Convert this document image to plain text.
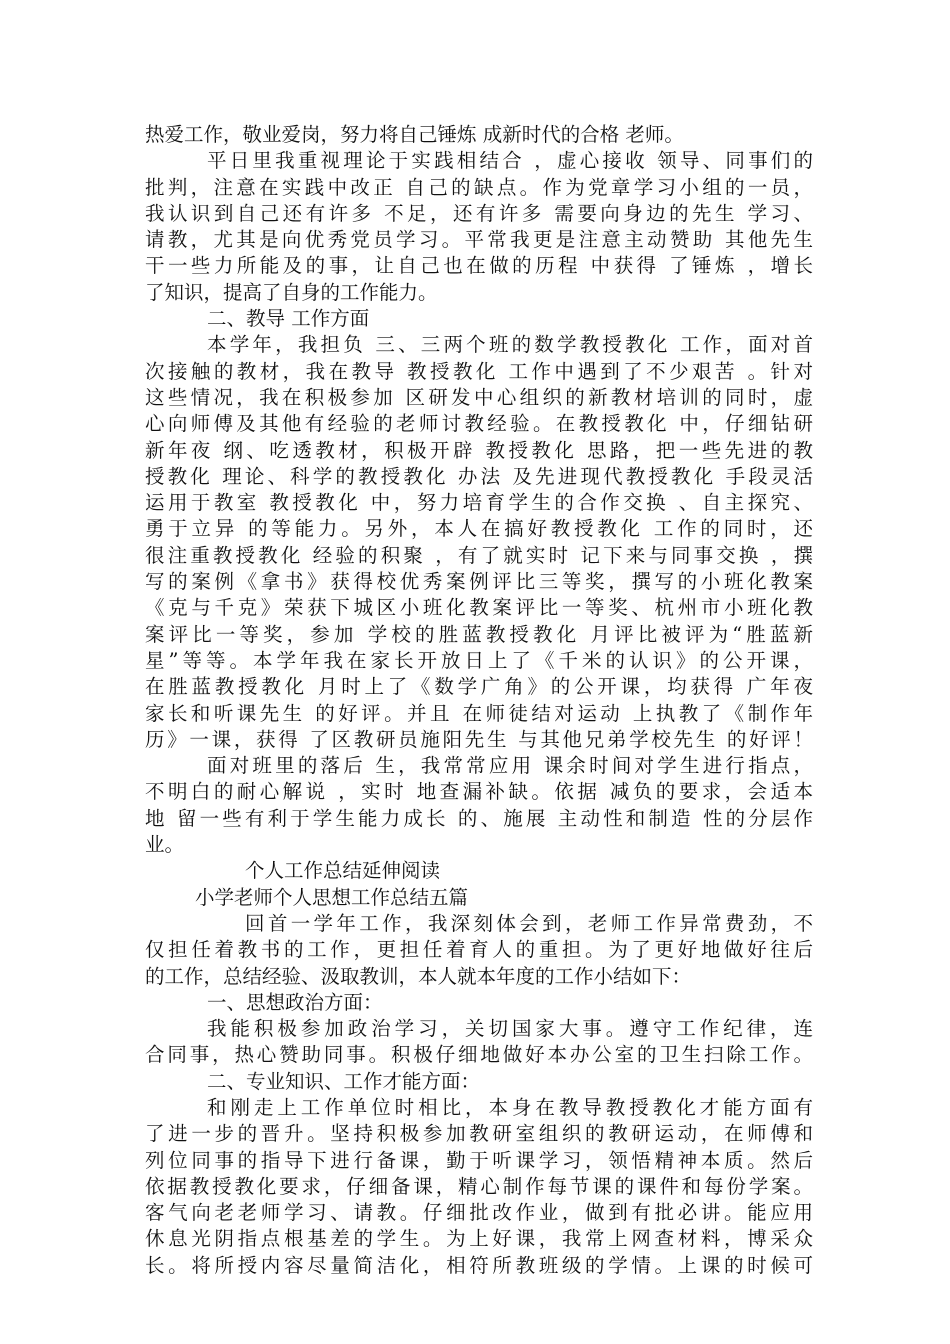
热爱工作，敬业爱岗，努力将自己锤炼 成新时代的合格 老师。
平日里我重视理论于实践相结合 ，虚心接收 领导、同事们的
批判，注意在实践中改正 自己的缺点。作为党章学习小组的一员，
我认识到自己还有许多 不足，还有许多 需要向身边的先生 学习、
请教，尤其是向优秀党员学习。平常我更是注意主动赞助 其他先生
干一些力所能及的事，让自己也在做的历程 中获得 了锤炼 ，增长
了知识，提高了自身的工作能力。
二、教导 工作方面
本学年，我担负 三、三两个班的数学教授教化 工作，面对首
次接触的教材，我在教导 教授教化 工作中遇到了不少艰苦 。针对
这些情况，我在积极参加 区研发中心组织的新教材培训的同时，虚
心向师傅及其他有经验的老师讨教经验。在教授教化 中，仔细钻研
新年夜 纲、吃透教材，积极开辟 教授教化 思路，把一些先进的教
授教化 理论、科学的教授教化 办法 及先进现代教授教化 手段灵活
运用于教室 教授教化 中，努力培育学生的合作交换 、自主探究、
勇于立异 的等能力。另外，本人在搞好教授教化 工作的同时，还
很注重教授教化 经验的积聚 ，有了就实时 记下来与同事交换 ，撰
写的案例《拿书》获得校优秀案例评比三等奖，撰写的小班化教案
《克与千克》荣获下城区小班化教案评比一等奖、杭州市小班化教
案评比一等奖，参加 学校的胜蓝教授教化 月评比被评为“胜蓝新
星”等等。本学年我在家长开放日上了《千米的认识》的公开课，
在胜蓝教授教化 月时上了《数学广角》的公开课，均获得 广年夜
家长和听课先生 的好评。并且 在师徒结对运动 上执教了《制作年
历》一课，获得 了区教研员施阳先生 与其他兄弟学校先生 的好评！
面对班里的落后 生，我常常应用 课余时间对学生进行指点，
不明白的耐心解说 ，实时 地查漏补缺。依据 减负的要求，会适本
地 留一些有利于学生能力成长 的、施展 主动性和制造 性的分层作
业。
个人工作总结延伸阅读
小学老师个人思想工作总结五篇
回首一学年工作，我深刻体会到，老师工作异常费劲，不
仅担任着教书的工作，更担任着育人的重担。为了更好地做好往后
的工作，总结经验、汲取教训，本人就本年度的工作小结如下：
一、思想政治方面：
我能积极参加政治学习，关切国家大事。遵守工作纪律，连
合同事，热心赞助同事。积极仔细地做好本办公室的卫生扫除工作。
二、专业知识、工作才能方面：
和刚走上工作单位时相比，本身在教导教授教化才能方面有
了进一步的晋升。坚持积极参加教研室组织的教研运动，在师傅和
列位同事的指导下进行备课，勤于听课学习，领悟精神本质。然后
依据教授教化要求，仔细备课，精心制作每节课的课件和每份学案。
客气向老老师学习、请教。仔细批改作业，做到有批必讲。能应用
休息光阴指点根基差的学生。为上好课，我常上网查材料，博采众
长。将所授内容尽量简洁化，相符所教班级的学情。上课的时候可
